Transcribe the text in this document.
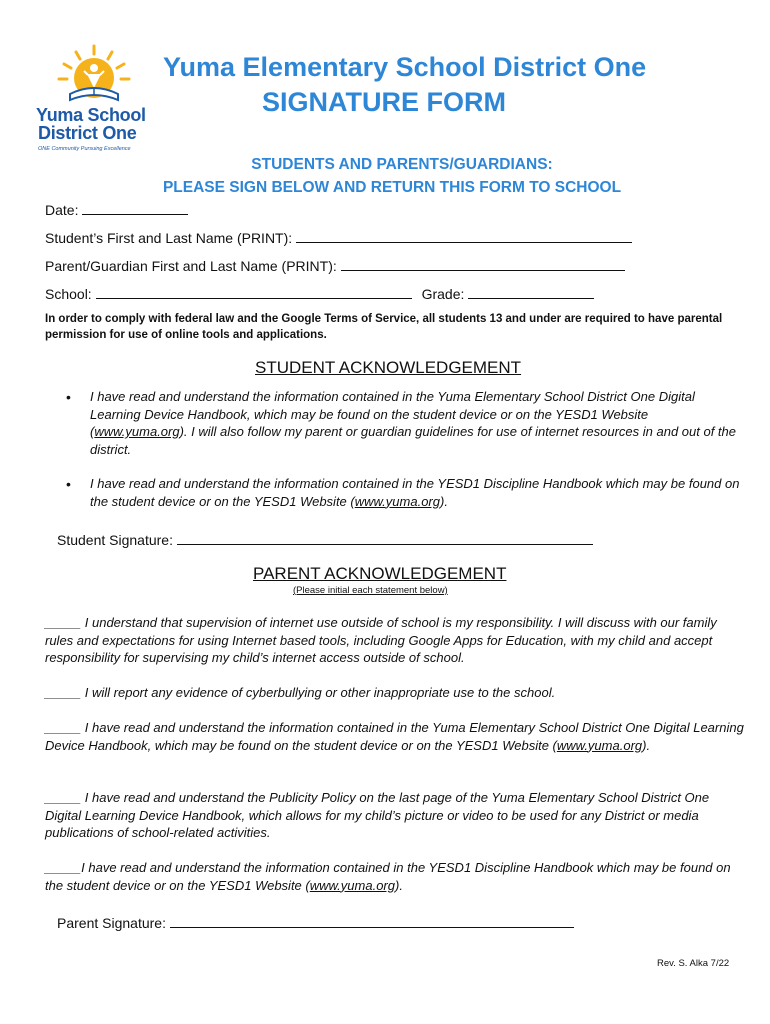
Yuma School
District One
ONE Community Pursuing Excellence
Yuma Elementary School District One
SIGNATURE FORM
STUDENTS AND PARENTS/GUARDIANS:
PLEASE SIGN BELOW AND RETURN THIS FORM TO SCHOOL
Date:
Student’s First and Last Name (PRINT):
Parent/Guardian First and Last Name (PRINT):
School:	Grade:
In order to comply with federal law and the Google Terms of Service, all students 13 and under are required to have parental permission for use of online tools and applications.
STUDENT ACKNOWLEDGEMENT
• I have read and understand the information contained in the Yuma Elementary School District One Digital Learning Device Handbook, which may be found on the student device or on the YESD1 Website (www.yuma.org). I will also follow my parent or guardian guidelines for use of internet resources in and out of the district.
• I have read and understand the information contained in the YESD1 Discipline Handbook which may be found on the student device or on the YESD1 Website (www.yuma.org).
Student Signature:
PARENT ACKNOWLEDGEMENT
(Please initial each statement below)
_____ I understand that supervision of internet use outside of school is my responsibility. I will discuss with our family rules and expectations for using Internet based tools, including Google Apps for Education, with my child and accept responsibility for supervising my child’s internet access outside of school.
_____ I will report any evidence of cyberbullying or other inappropriate use to the school.
_____ I have read and understand the information contained in the Yuma Elementary School District One Digital Learning Device Handbook, which may be found on the student device or on the YESD1 Website (www.yuma.org).
_____ I have read and understand the Publicity Policy on the last page of the Yuma Elementary School District One Digital Learning Device Handbook, which allows for my child’s picture or video to be used for any District or media publications of school-related activities.
_____I have read and understand the information contained in the YESD1 Discipline Handbook which may be found on the student device or on the YESD1 Website (www.yuma.org).
Parent Signature:
Rev. S. Alka 7/22
